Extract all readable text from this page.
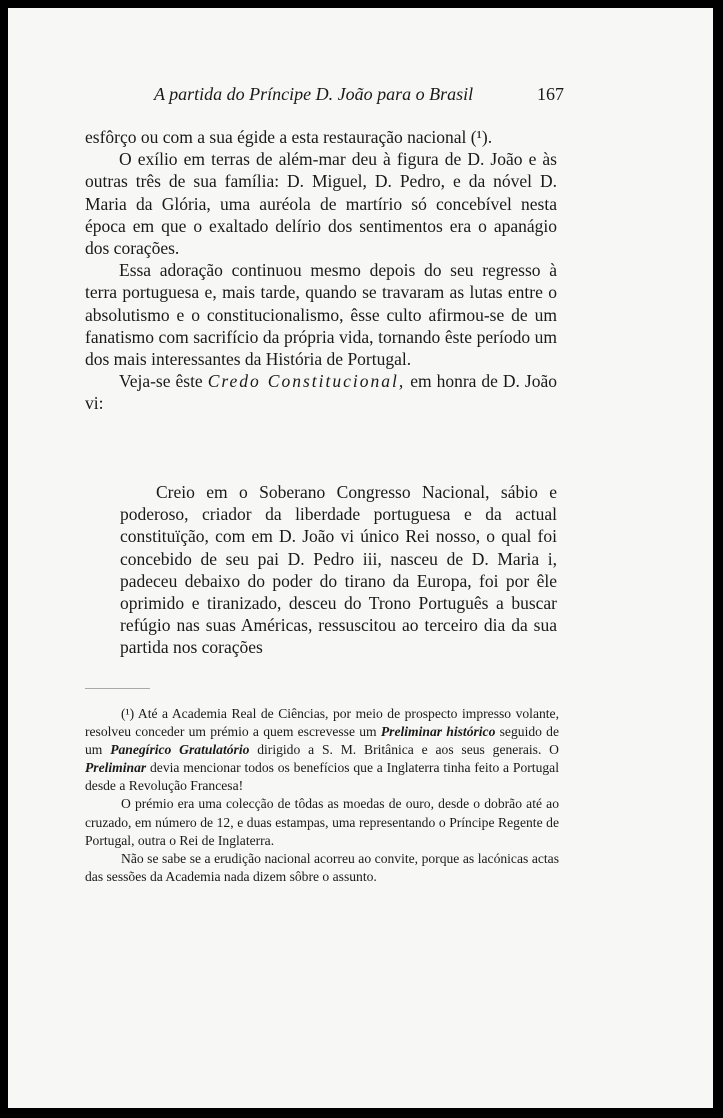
A partida do Príncipe D. João para o Brasil	167

esfôrço ou com a sua égide a esta restauração nacional (¹).

O exílio em terras de além-mar deu à figura de D. João e às outras três de sua família: D. Miguel, D. Pedro, e da nóvel D. Maria da Glória, uma auréola de martírio só concebível nesta época em que o exaltado delírio dos sentimentos era o apanágio dos corações.

Essa adoração continuou mesmo depois do seu regresso à terra portuguesa e, mais tarde, quando se travaram as lutas entre o absolutismo e o constitucionalismo, êsse culto afirmou-se de um fanatismo com sacrifício da própria vida, tornando êste período um dos mais interessantes da História de Portugal.

Veja-se êste Credo Constitucional, em honra de D. João vi:

Creio em o Soberano Congresso Nacional, sábio e poderoso, criador da liberdade portuguesa e da actual constituïção, com em D. João vi único Rei nosso, o qual foi concebido de seu pai D. Pedro iii, nasceu de D. Maria i, padeceu debaixo do poder do tirano da Europa, foi por êle oprimido e tiranizado, desceu do Trono Português a buscar refúgio nas suas Américas, ressuscitou ao terceiro dia da sua partida nos corações

(¹) Até a Academia Real de Ciências, por meio de prospecto impresso volante, resolveu conceder um prémio a quem escrevesse um Preliminar histórico seguido de um Panegírico Gratulatório dirigido a S. M. Britânica e aos seus generais. O Preliminar devia mencionar todos os benefícios que a Inglaterra tinha feito a Portugal desde a Revolução Francesa!

O prémio era uma colecção de tôdas as moedas de ouro, desde o dobrão até ao cruzado, em número de 12, e duas estampas, uma representando o Príncipe Regente de Portugal, outra o Rei de Inglaterra.

Não se sabe se a erudição nacional acorreu ao convite, porque as lacónicas actas das sessões da Academia nada dizem sôbre o assunto.
